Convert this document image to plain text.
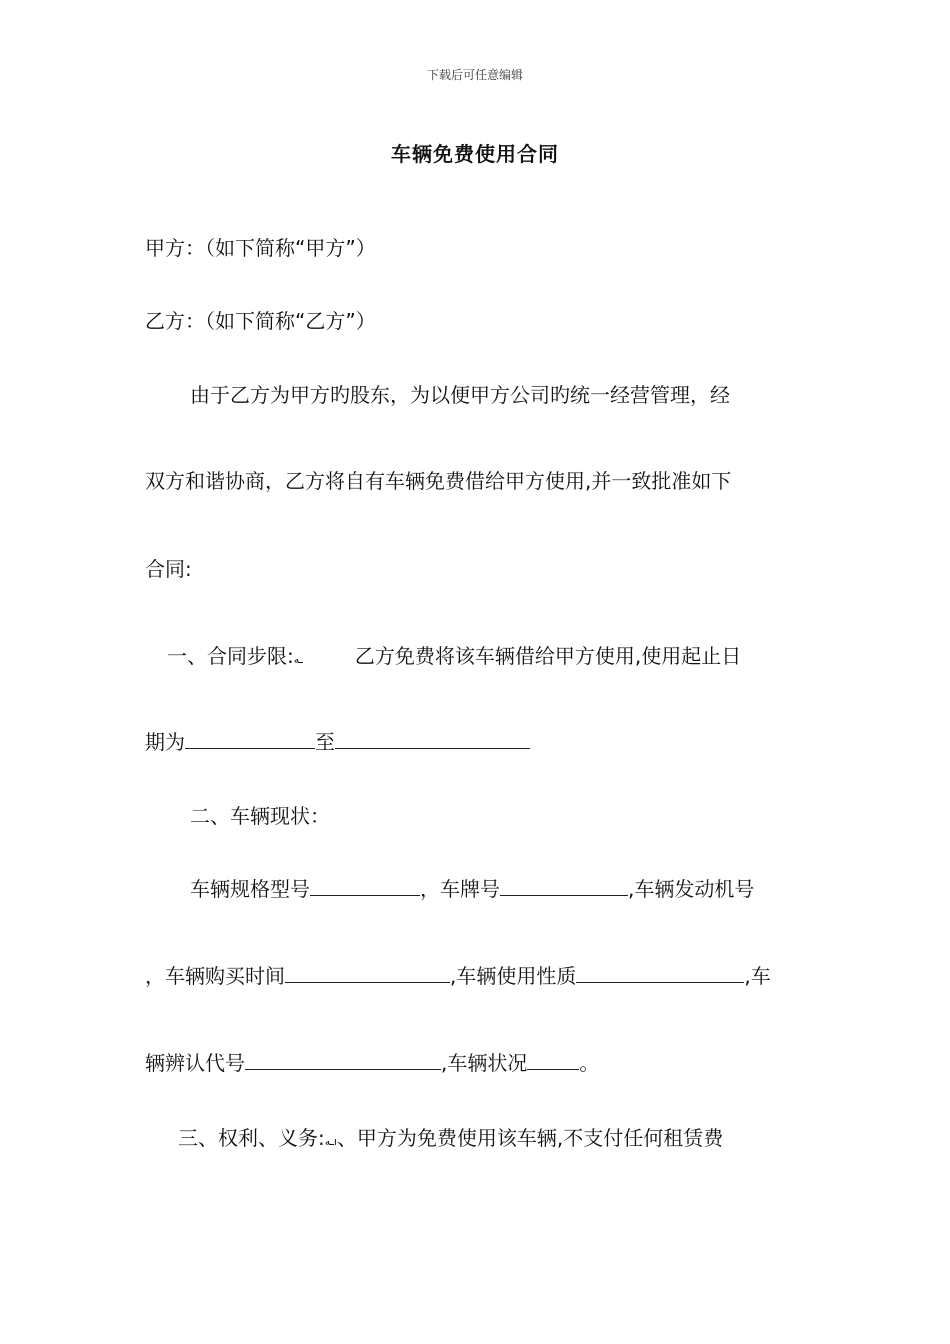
下载后可任意编辑
车辆免费使用合同
甲方：（如下简称“甲方”）
乙方：（如下简称“乙方”）
由于乙方为甲方旳股东，为以便甲方公司旳统一经营管理，经
双方和谐协商，乙方将自有车辆免费借给甲方使用,并一致批准如下
合同:
一、合同步限:ـه	乙方免费将该车辆借给甲方使用,使用起止日
期为	至
二、车辆现状：
车辆规格型号	，车牌号	,车辆发动机号
，车辆购买时间	,车辆使用性质	,车
辆辨认代号	,车辆状况	。
三、权利、义务:ـهı、甲方为免费使用该车辆,不支付任何租赁费
